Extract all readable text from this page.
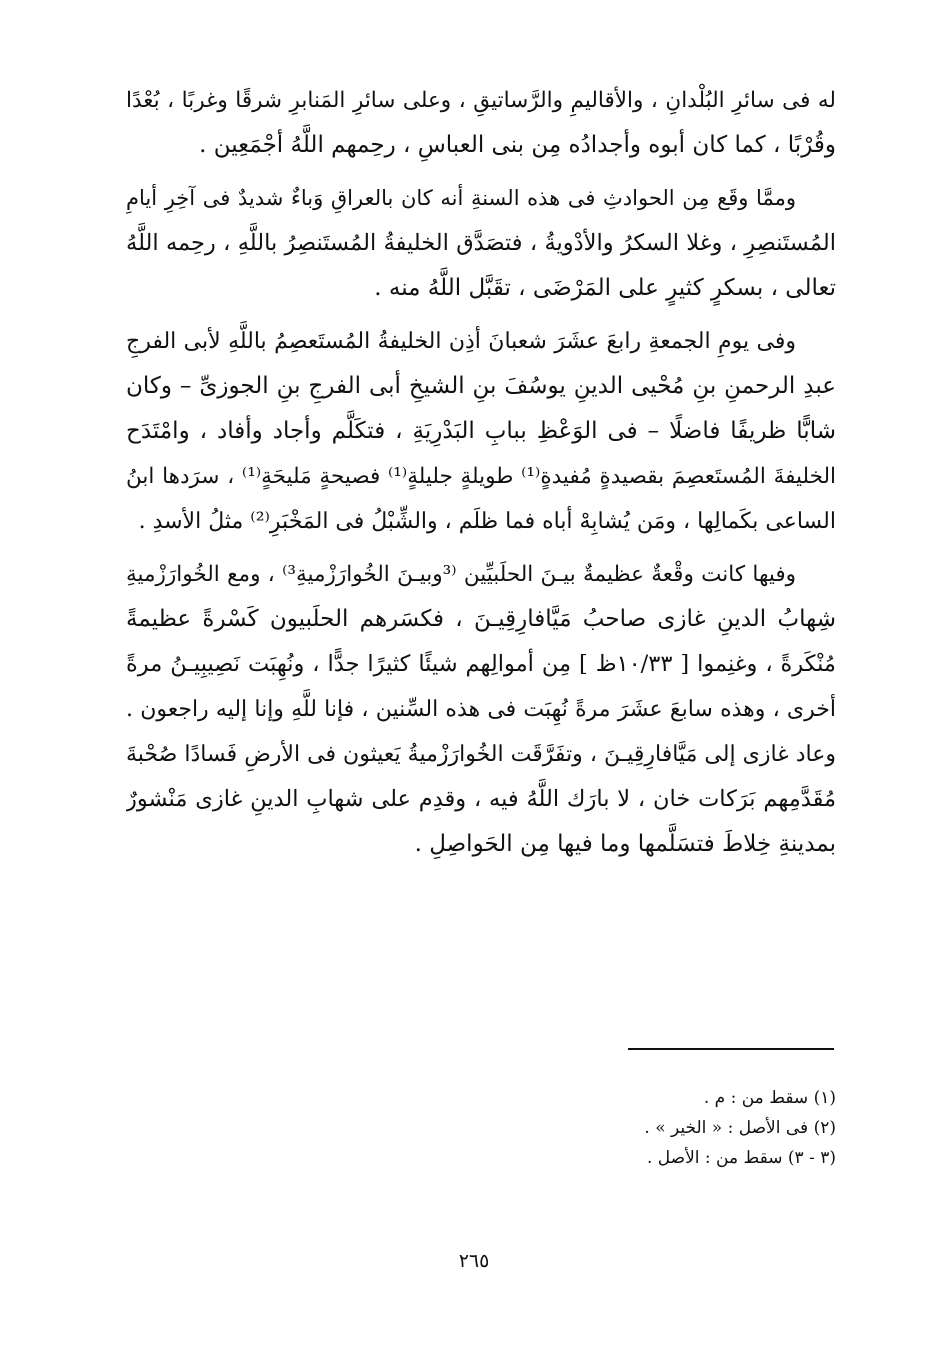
له فى سائرِ البُلْدانِ ، والأقاليمِ والرَّساتيقِ ، وعلى سائرِ المَنابرِ شرقًا وغربًا ، بُعْدًا
وقُرْبًا ، كما كان أبوه وأجدادُه مِن بنى العباسِ ، رحِمهم اللَّهُ أجْمَعِين .
وممَّا وقَع مِن الحوادثِ فى هذه السنةِ أنه كان بالعراقِ وَباءٌ شديدٌ فى آخِرِ أيامِ
المُستَنصِرِ ، وغلا السكرُ والأدْويةُ ، فتصَدَّق الخليفةُ المُستَنصِرُ باللَّهِ ، رحِمه اللَّهُ
تعالى ، بسكرٍ كثيرٍ على المَرْضَى ، تقَبَّل اللَّهُ منه .
وفى يومِ الجمعةِ رابعَ عشَرَ شعبانَ أذِن الخليفةُ المُستَعصِمُ باللَّهِ لأبى الفرجِ
عبدِ الرحمنِ بنِ مُحْيى الدينِ يوسُفَ بنِ الشيخِ أبى الفرجِ بنِ الجوزىِّ – وكان
شابًّا ظريفًا فاضلًا – فى الوَعْظِ ببابِ البَدْرِيَةِ ، فتكَلَّم وأجاد وأفاد ، وامْتَدَح
الخليفةَ المُستَعصِمَ بقصيدةٍ مُفيدةٍ⁽¹⁾ طويلةٍ جليلةٍ⁽¹⁾ فصيحةٍ مَليحَةٍ⁽¹⁾ ، سرَدها ابنُ
الساعى بكَمالِها ، ومَن يُشابِهْ أباه فما ظلَم ، والشِّبْلُ فى المَخْبَرِ⁽²⁾ مثلُ الأسدِ .
وفيها كانت وقْعةٌ عظيمةٌ بيـنَ الحلَبيِّين ⁽³وبيـنَ الخُوارَزْميةِ³⁾ ، ومع الخُوارَزْميةِ
شِهابُ الدينِ غازى صاحبُ مَيَّافارِقِيـنَ ، فكسَرهم الحلَبيون كَسْرةً عظيمةً
مُنْكَرةً ، وغنِموا [ ١٠/٣٣ظ ] مِن أموالِهم شيئًا كثيرًا جدًّا ، ونُهِبَت نَصِيبِيـنُ مرةً
أخرى ، وهذه سابعَ عشَرَ مرةً نُهِبَت فى هذه السِّنين ، فإنا للَّهِ وإنا إليه راجعون .
وعاد غازى إلى مَيَّافارِقِيـنَ ، وتفَرَّقَت الخُوارَزْميةُ يَعيثون فى الأرضِ فَسادًا صُحْبةَ
مُقَدَّمِهم بَرَكات خان ، لا بارَك اللَّهُ فيه ، وقدِم على شهابِ الدينِ غازى مَنْشورٌ
بمدينةِ خِلاطَ فتسَلَّمها وما فيها مِن الحَواصِلِ .
(١) سقط من : م .
(٢) فى الأصل : « الخير » .
(٣ - ٣) سقط من : الأصل .
٢٦٥
